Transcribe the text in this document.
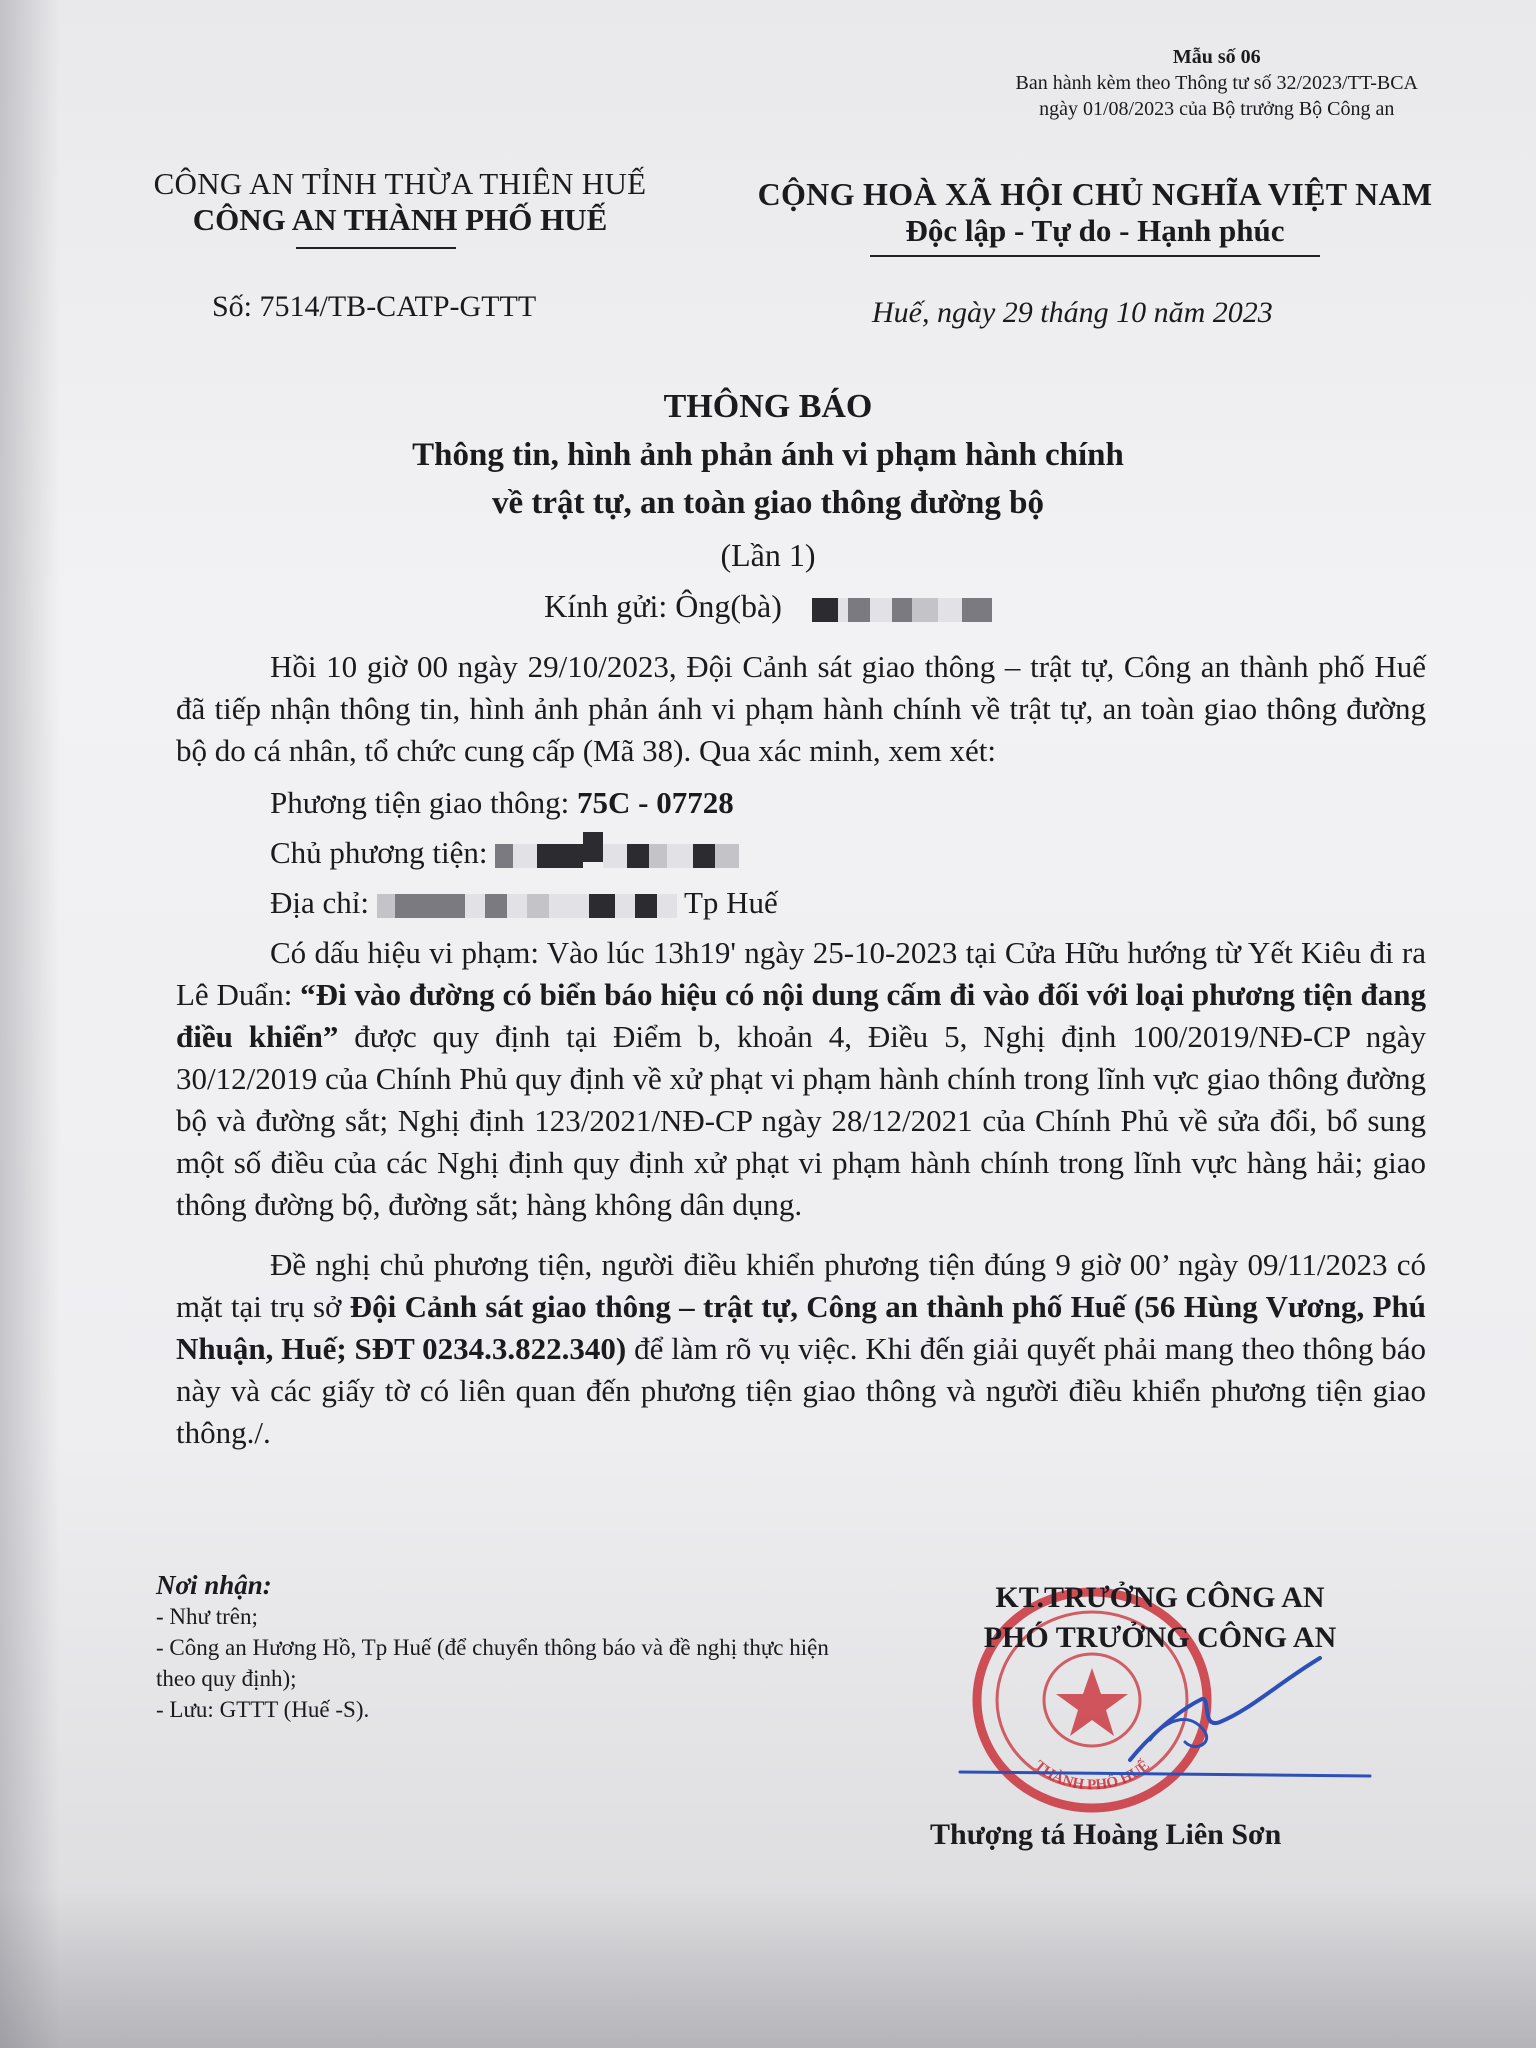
Mẫu số 06
Ban hành kèm theo Thông tư số 32/2023/TT-BCA
ngày 01/08/2023 của Bộ trưởng Bộ Công an
CÔNG AN TỈNH THỪA THIÊN HUẾ
CÔNG AN THÀNH PHỐ HUẾ
CỘNG HOÀ XÃ HỘI CHỦ NGHĨA VIỆT NAM
Độc lập - Tự do - Hạnh phúc
Số: 7514/TB-CATP-GTTT	Huế, ngày 29 tháng 10 năm 2023
THÔNG BÁO
Thông tin, hình ảnh phản ánh vi phạm hành chính
về trật tự, an toàn giao thông đường bộ
(Lần 1)
Kính gửi: Ông(bà)

Hồi 10 giờ 00 ngày 29/10/2023, Đội Cảnh sát giao thông – trật tự, Công an thành phố Huế đã tiếp nhận thông tin, hình ảnh phản ánh vi phạm hành chính về trật tự, an toàn giao thông đường bộ do cá nhân, tổ chức cung cấp (Mã 38). Qua xác minh, xem xét:

Phương tiện giao thông: 75C - 07728

Chủ phương tiện:

Địa chỉ:	Tp Huế

Có dấu hiệu vi phạm: Vào lúc 13h19' ngày 25-10-2023 tại Cửa Hữu hướng từ Yết Kiêu đi ra Lê Duẩn: “Đi vào đường có biển báo hiệu có nội dung cấm đi vào đối với loại phương tiện đang điều khiển” được quy định tại Điểm b, khoản 4, Điều 5, Nghị định 100/2019/NĐ-CP ngày 30/12/2019 của Chính Phủ quy định về xử phạt vi phạm hành chính trong lĩnh vực giao thông đường bộ và đường sắt; Nghị định 123/2021/NĐ-CP ngày 28/12/2021 của Chính Phủ về sửa đổi, bổ sung một số điều của các Nghị định quy định xử phạt vi phạm hành chính trong lĩnh vực hàng hải; giao thông đường bộ, đường sắt; hàng không dân dụng.

Đề nghị chủ phương tiện, người điều khiển phương tiện đúng 9 giờ 00’ ngày 09/11/2023 có mặt tại trụ sở Đội Cảnh sát giao thông – trật tự, Công an thành phố Huế (56 Hùng Vương, Phú Nhuận, Huế; SĐT 0234.3.822.340) để làm rõ vụ việc. Khi đến giải quyết phải mang theo thông báo này và các giấy tờ có liên quan đến phương tiện giao thông và người điều khiển phương tiện giao thông./.

Nơi nhận:
- Như trên;
- Công an Hương Hồ, Tp Huế (để chuyển thông báo và đề nghị thực hiện theo quy định);
- Lưu: GTTT (Huế -S).
THÀNH PHỐ HUẾ
KT.TRƯỞNG CÔNG AN
PHÓ TRƯỞNG CÔNG AN
Thượng tá Hoàng Liên Sơn
